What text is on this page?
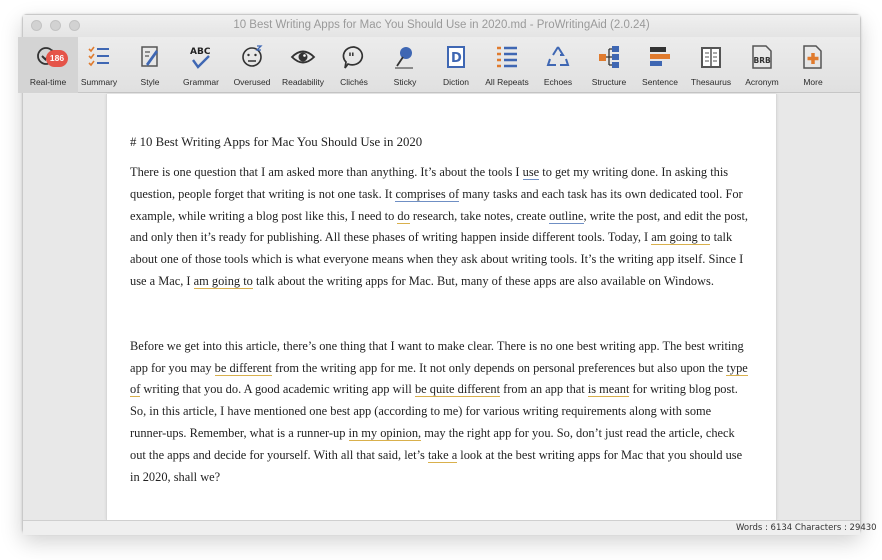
10 Best Writing Apps for Mac You Should Use in 2020.md - ProWritingAid (2.0.24)
186
Real-time	Summary	Style
ABC
Grammar	Overused	Readability
"
Clichés	Sticky
D
Diction	All Repeats	Echoes	Structure	Sentence	Thesaurus
BRB
Acronym	More
# 10 Best Writing Apps for Mac You Should Use in 2020

There is one question that I am asked more than anything. It’s about the tools I use to get my writing done. In asking this question, people forget that writing is not one task. It comprises of many tasks and each task has its own dedicated tool. For example, while writing a blog post like this, I need to do research, take notes, create outline, write the post, and edit the post, and only then it’s ready for publishing. All these phases of writing happen inside different tools. Today, I am going to talk about one of those tools which is what everyone means when they ask about writing tools. It’s the writing app itself. Since I use a Mac, I am going to talk about the writing apps for Mac. But, many of these apps are also available on Windows.

Before we get into this article, there’s one thing that I want to make clear. There is no one best writing app. The best writing app for you may be different from the writing app for me. It not only depends on personal preferences but also upon the type of writing that you do. A good academic writing app will be quite different from an app that is meant for writing blog post. So, in this article, I have mentioned one best app (according to me) for various writing requirements along with some runner-ups. Remember, what is a runner-up in my opinion, may the right app for you. So, don’t just read the article, check out the apps and decide for yourself. With all that said, let’s take a look at the best writing apps for Mac that you should use in 2020, shall we?

Words : 6134 Characters : 29430
